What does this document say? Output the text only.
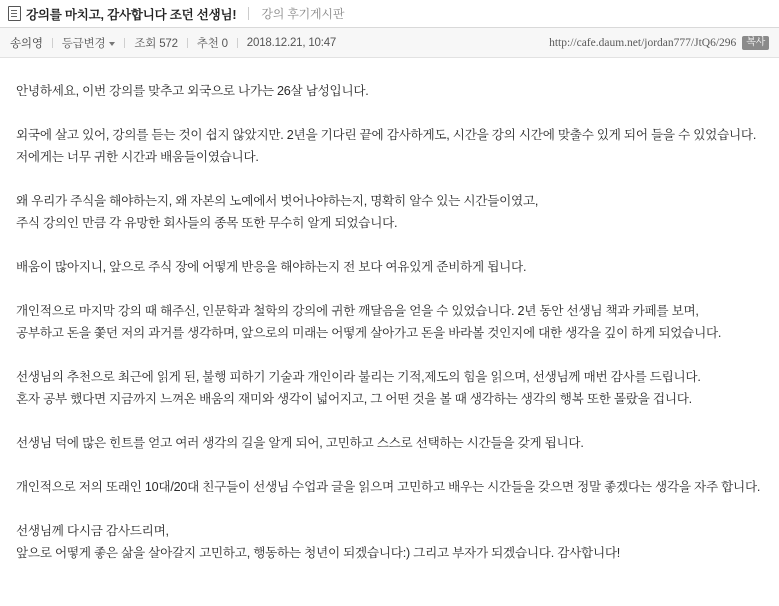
강의를 마치고, 감사합니다 조던 선생님! 강의 후기게시판
송의영 등급변경	조회 572 추천 0 2018.12.21, 10:47	http://cafe.daum.net/jordan777/JtQ6/296	복사

안녕하세요, 이번 강의를 맞추고 외국으로 나가는 26살 남성입니다.

외국에 살고 있어, 강의를 듣는 것이 쉽지 않았지만. 2년을 기다린 끝에 감사하게도, 시간을 강의 시간에 맞출수 있게 되어 들을 수 있었습니다. 저에게는 너무 귀한 시간과 배움들이였습니다.

왜 우리가 주식을 해야하는지, 왜 자본의 노예에서 벗어나야하는지, 명확히 알수 있는 시간들이였고,
주식 강의인 만큼 각 유망한 회사들의 종목 또한 무수히 알게 되었습니다.

배움이 많아지니, 앞으로 주식 장에 어떻게 반응을 해야하는지 전 보다 여유있게 준비하게 됩니다.

개인적으로 마지막 강의 때 해주신, 인문학과 철학의 강의에 귀한 깨달음을 얻을 수 있었습니다. 2년 동안 선생님 책과 카페를 보며,
공부하고 돈을 쫓던 저의 과거를 생각하며, 앞으로의 미래는 어떻게 살아가고 돈을 바라볼 것인지에 대한 생각을 깊이 하게 되었습니다.

선생님의 추천으로 최근에 읽게 된, 불행 피하기 기술과 개인이라 불리는 기적,제도의 힘을 읽으며, 선생님께 매번 감사를 드립니다.
혼자 공부 했다면 지금까지 느껴온 배움의 재미와 생각이 넓어지고, 그 어떤 것을 볼 때 생각하는 생각의 행복 또한 몰랐을 겁니다.

선생님 덕에 많은 힌트를 얻고 여러 생각의 길을 알게 되어, 고민하고 스스로 선택하는 시간들을 갖게 됩니다.

개인적으로 저의 또래인 10대/20대 친구들이 선생님 수업과 글을 읽으며 고민하고 배우는 시간들을 갖으면 정말 좋겠다는 생각을 자주 합니다.

선생님께 다시금 감사드리며,
앞으로 어떻게 좋은 삶을 살아갈지 고민하고, 행동하는 청년이 되겠습니다:) 그리고 부자가 되겠습니다. 감사합니다!
